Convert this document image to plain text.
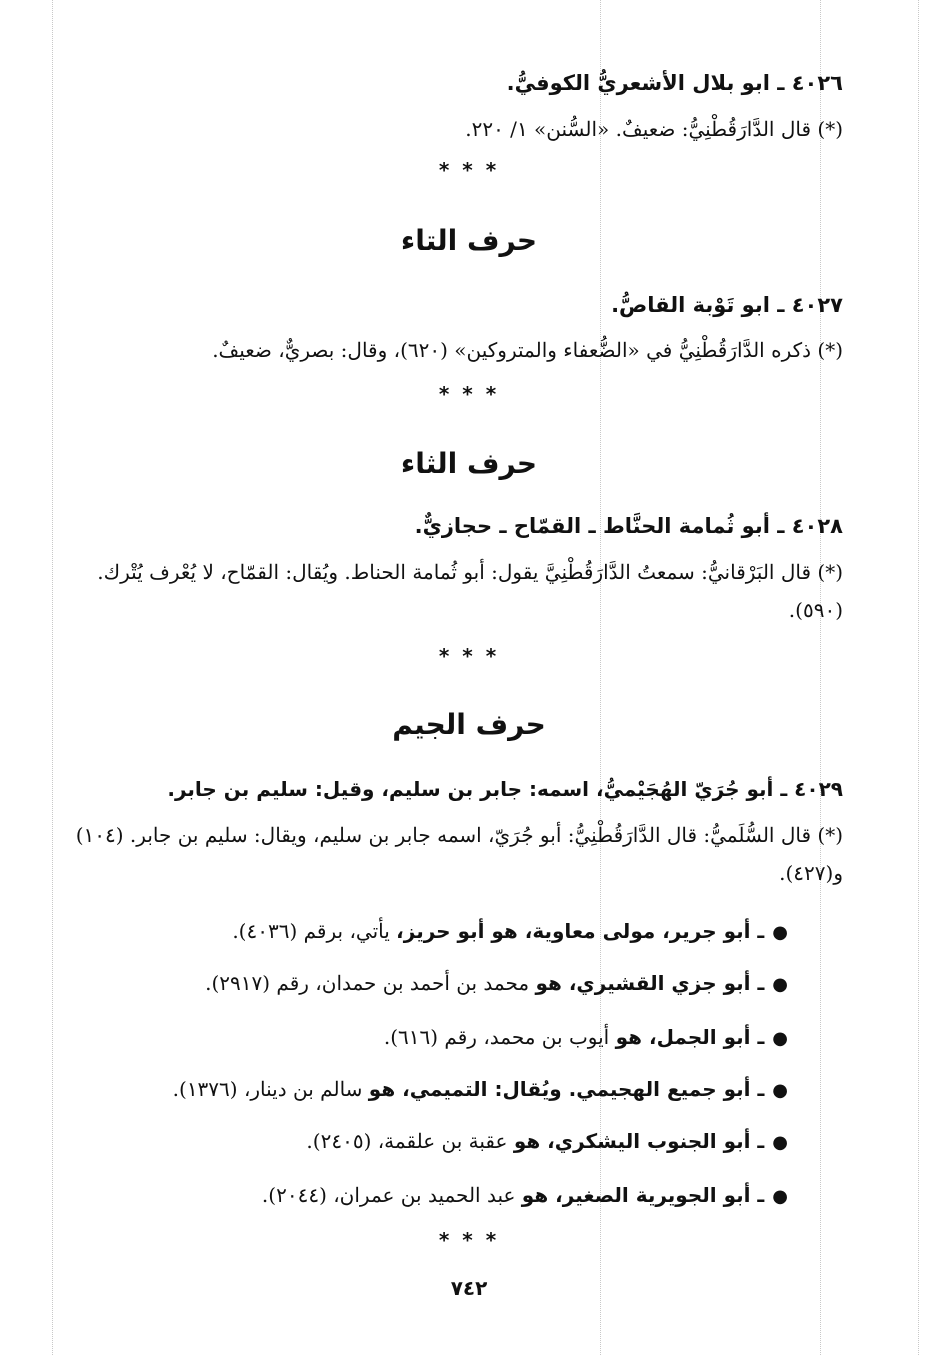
٤٠٢٦ ـ ابو بلال الأشعريُّ الكوفيُّ.
(*) قال الدَّارَقُطْنِيُّ: ضعيفٌ. «السُّنن» ١/ ٢٢٠.
* * *
حرف التاء
٤٠٢٧ ـ ابو تَوْبة القاصُّ.
(*) ذكره الدَّارَقُطْنِيُّ في «الضُّعفاء والمتروكين» (٦٢٠)، وقال: بصريٌّ، ضعيفٌ.
* * *
حرف الثاء
٤٠٢٨ ـ أبو ثُمامة الحنَّاط ـ القمّاح ـ حجازيٌّ.
(*) قال البَرْقانيُّ: سمعتُ الدَّارَقُطْنِيَّ يقول: أبو ثُمامة الحناط. ويُقال: القمّاح، لا يُعْرف يُتْرك. (٥٩٠).
* * *
حرف الجيم
٤٠٢٩ ـ أبو جُرَيّ الهُجَيْميُّ، اسمه: جابر بن سليم، وقيل: سليم بن جابر.
(*) قال السُّلَميُّ: قال الدَّارَقُطْنِيُّ: أبو جُرَيّ، اسمه جابر بن سليم، ويقال: سليم بن جابر. (١٠٤) و(٤٢٧).
●ـ أبو جرير، مولى معاوية، هو أبو حريز، يأتي، برقم (٤٠٣٦).
●ـ أبو جزي القشيري، هو محمد بن أحمد بن حمدان، رقم (٢٩١٧).
●ـ أبو الجمل، هو أيوب بن محمد، رقم (٦١٦).
●ـ أبو جميع الهجيمي. ويُقال: التميمي، هو سالم بن دينار، (١٣٧٦).
●ـ أبو الجنوب اليشكري، هو عقبة بن علقمة، (٢٤٠٥).
●ـ أبو الجويرية الصغير، هو عبد الحميد بن عمران، (٢٠٤٤).
* * *
٧٤٢
